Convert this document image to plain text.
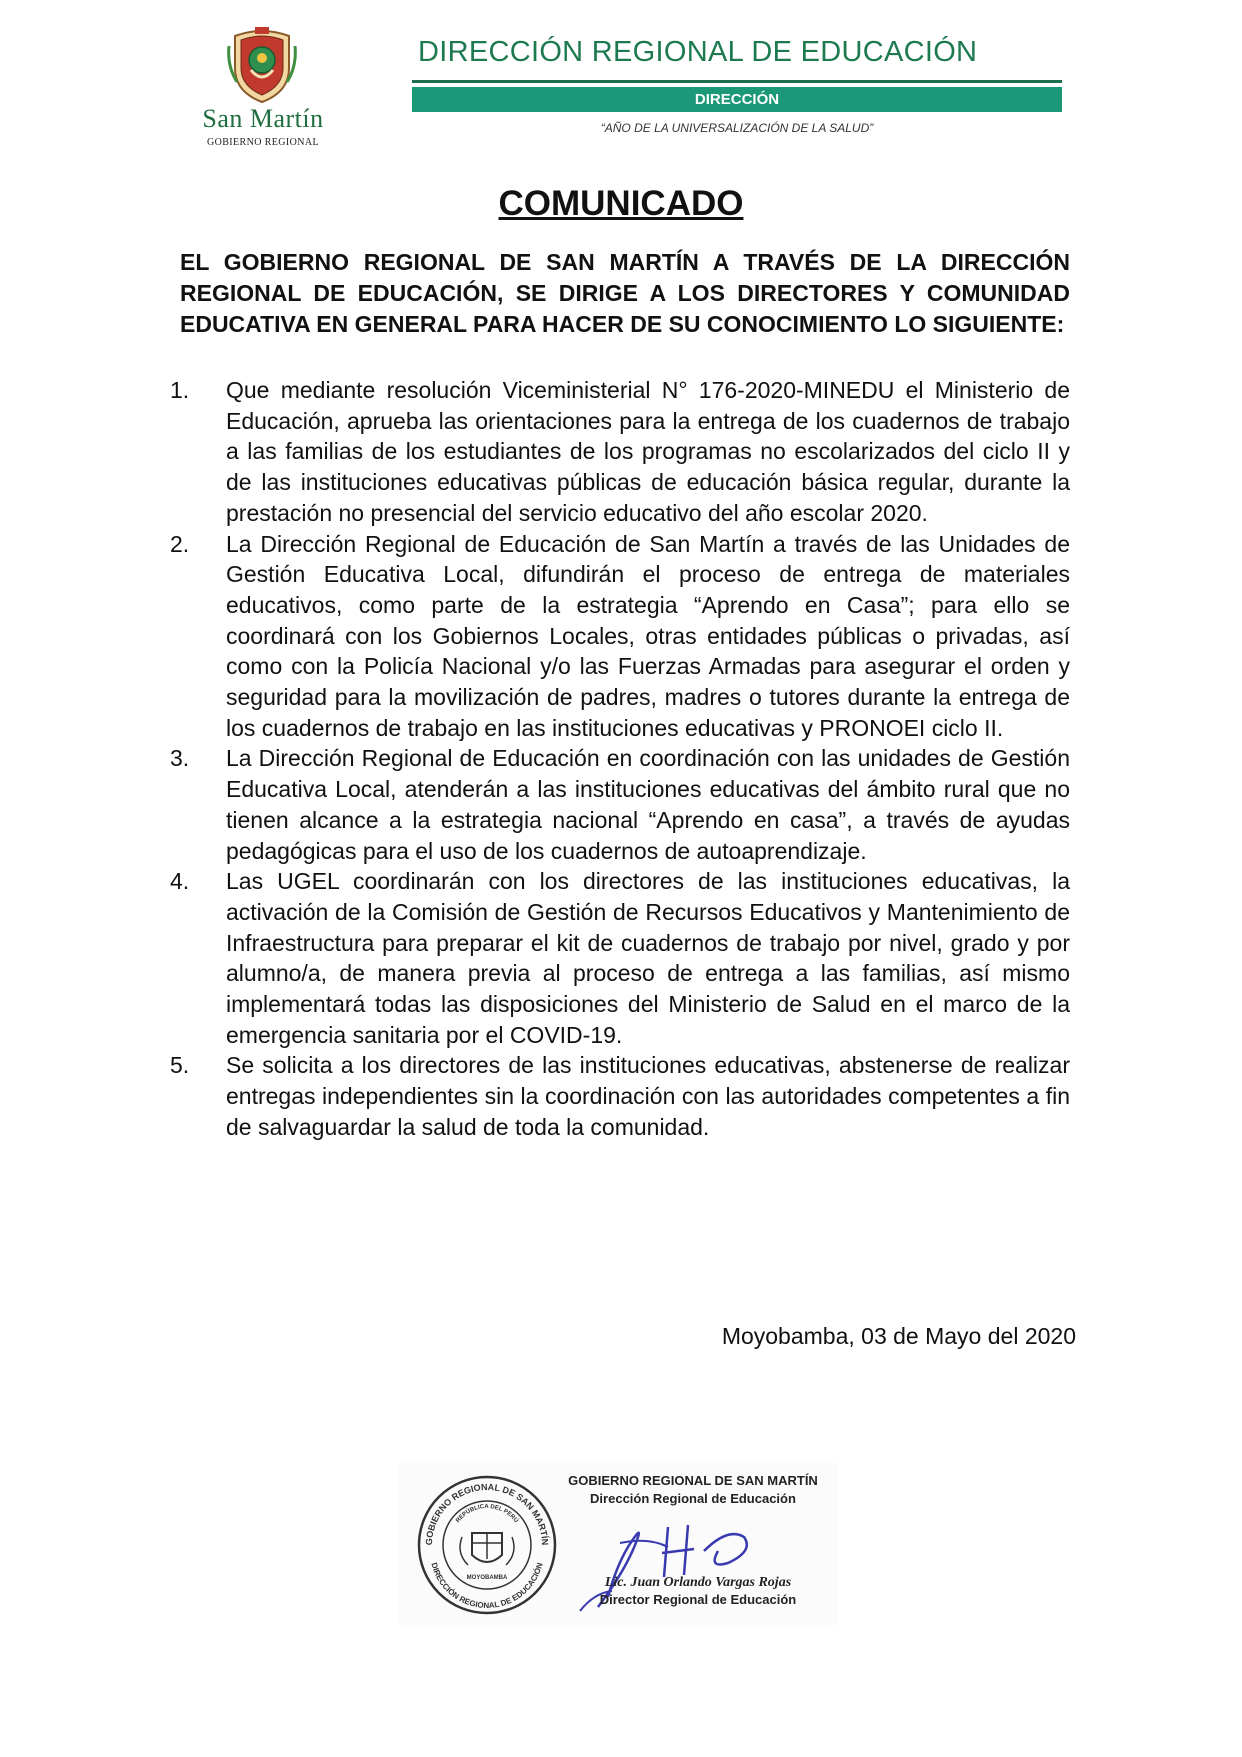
San Martín
GOBIERNO REGIONAL
DIRECCIÓN REGIONAL DE EDUCACIÓN
DIRECCIÓN
“AÑO DE LA UNIVERSALIZACIÓN DE LA SALUD”
COMUNICADO
EL GOBIERNO REGIONAL DE SAN MARTÍN A TRAVÉS DE LA DIRECCIÓN REGIONAL DE EDUCACIÓN, SE DIRIGE A LOS DIRECTORES Y COMUNIDAD EDUCATIVA EN GENERAL PARA HACER DE SU CONOCIMIENTO LO SIGUIENTE:
1. Que mediante resolución Viceministerial N° 176-2020-MINEDU el Ministerio de Educación, aprueba las orientaciones para la entrega de los cuadernos de trabajo a las familias de los estudiantes de los programas no escolarizados del ciclo II y de las instituciones educativas públicas de educación básica regular, durante la prestación no presencial del servicio educativo del año escolar 2020.
2. La Dirección Regional de Educación de San Martín a través de las Unidades de Gestión Educativa Local, difundirán el proceso de entrega de materiales educativos, como parte de la estrategia “Aprendo en Casa”; para ello se coordinará con los Gobiernos Locales, otras entidades públicas o privadas, así como con la Policía Nacional y/o las Fuerzas Armadas para asegurar el orden y seguridad para la movilización de padres, madres o tutores durante la entrega de los cuadernos de trabajo en las instituciones educativas y PRONOEI ciclo II.
3. La Dirección Regional de Educación en coordinación con las unidades de Gestión Educativa Local, atenderán a las instituciones educativas del ámbito rural que no tienen alcance a la estrategia nacional “Aprendo en casa”, a través de ayudas pedagógicas para el uso de los cuadernos de autoaprendizaje.
4. Las UGEL coordinarán con los directores de las instituciones educativas, la activación de la Comisión de Gestión de Recursos Educativos y Mantenimiento de Infraestructura para preparar el kit de cuadernos de trabajo por nivel, grado y por alumno/a, de manera previa al proceso de entrega a las familias, así mismo implementará todas las disposiciones del Ministerio de Salud en el marco de la emergencia sanitaria por el COVID-19.
5. Se solicita a los directores de las instituciones educativas, abstenerse de realizar entregas independientes sin la coordinación con las autoridades competentes a fin de salvaguardar la salud de toda la comunidad.
Moyobamba, 03 de Mayo del 2020
GOBIERNO REGIONAL DE SAN MARTÍN
DIRECCIÓN REGIONAL DE EDUCACIÓN
REPÚBLICA DEL PERÚ
MOYOBAMBA
GOBIERNO REGIONAL DE SAN MARTÍN
Dirección Regional de Educación
Lic. Juan Orlando Vargas Rojas
Director Regional de Educación
